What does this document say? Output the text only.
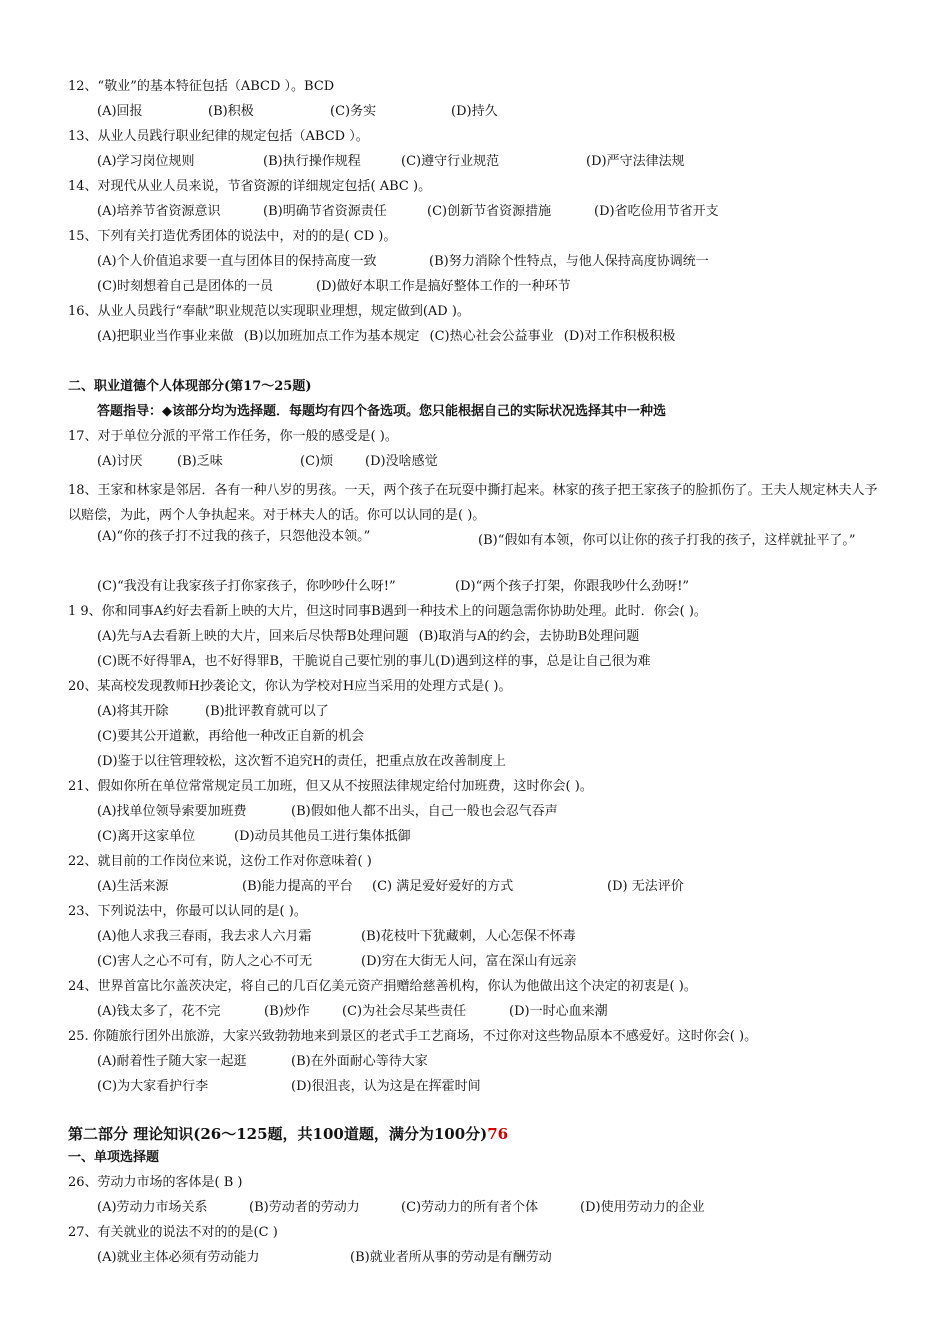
12、“敬业”的基本特征包括（ABCD ）。BCD
(A)回报	(B)积极	(C)务实	(D)持久
13、从业人员践行职业纪律的规定包括（ABCD ）。
(A)学习岗位规则	(B)执行操作规程	(C)遵守行业规范	(D)严守法律法规
14、对现代从业人员来说，节省资源的详细规定包括( ABC )。
(A)培养节省资源意识	(B)明确节省资源责任	(C)创新节省资源措施	(D)省吃俭用节省开支
15、下列有关打造优秀团体的说法中，对的的是( CD )。
(A)个人价值追求要一直与团体目的保持高度一致	(B)努力消除个性特点，与他人保持高度协调统一
(C)时刻想着自己是团体的一员	(D)做好本职工作是搞好整体工作的一种环节
16、从业人员践行“奉献”职业规范以实现职业理想，规定做到(AD )。
(A)把职业当作事业来做 (B)以加班加点工作为基本规定 (C)热心社会公益事业 (D)对工作积极积极
二、职业道德个人体现部分(第17～25题)
答题指导：◆该部分均为选择题．每题均有四个备选项。您只能根据自己的实际状况选择其中一种选
17、对于单位分派的平常工作任务，你一般的感受是( )。
(A)讨厌	(B)乏味	(C)烦 (D)没啥感觉
18、王家和林家是邻居．各有一种八岁的男孩。一天，两个孩子在玩耍中撕打起来。林家的孩子把王家孩子的脸抓伤了。王夫人规定林夫人予以赔偿，为此，两个人争执起来。对于林夫人的话。你可以认同的是( )。
(A)“你的孩子打不过我的孩子，只怨他没本领。”	(B)“假如有本领，你可以让你的孩子打我的孩子，这样就扯平了。”
(C)“我没有让我家孩子打你家孩子，你吵吵什么呀!”	(D)“两个孩子打架，你跟我吵什么劲呀!”
1 9、你和同事A约好去看新上映的大片，但这时同事B遇到一种技术上的问题急需你协助处理。此时．你会( )。
(A)先与A去看新上映的大片，回来后尽快帮B处理问题 (B)取消与A的约会，去协助B处理问题
(C)既不好得罪A，也不好得罪B，干脆说自己要忙别的事儿(D)遇到这样的事，总是让自己很为难
20、某高校发现教师H抄袭论文，你认为学校对H应当采用的处理方式是( )。
(A)将其开除	(B)批评教育就可以了
(C)要其公开道歉，再给他一种改正自新的机会
(D)鉴于以往管理较松，这次暂不追究H的责任，把重点放在改善制度上
21、假如你所在单位常常规定员工加班，但又从不按照法律规定给付加班费，这时你会( )。
(A)找单位领导索要加班费	(B)假如他人都不出头，自己一般也会忍气吞声
(C)离开这家单位	(D)动员其他员工进行集体抵御
22、就目前的工作岗位来说，这份工作对你意味着( )
(A)生活来源	(B)能力提高的平台 (C) 满足爱好爱好的方式	(D) 无法评价
23、下列说法中，你最可以认同的是( )。
(A)他人求我三春雨，我去求人六月霜	(B)花枝叶下犹藏刺，人心怎保不怀毒
(C)害人之心不可有，防人之心不可无	(D)穷在大街无人问，富在深山有远亲
24、世界首富比尔盖茨决定，将自己的几百亿美元资产捐赠给慈善机构，你认为他做出这个决定的初衷是( )。
(A)钱太多了，花不完	(B)炒作 (C)为社会尽某些责任	(D)一时心血来潮
25. 你随旅行团外出旅游，大家兴致勃勃地来到景区的老式手工艺商场，不过你对这些物品原本不感爱好。这时你会( )。
(A)耐着性子随大家一起逛	(B)在外面耐心等待大家
(C)为大家看护行李	(D)很沮丧，认为这是在挥霍时间
第二部分 理论知识(26～125题，共100道题，满分为100分)76
一、单项选择题
26、劳动力市场的客体是( B )
(A)劳动力市场关系	(B)劳动者的劳动力	(C)劳动力的所有者个体	(D)使用劳动力的企业
27、有关就业的说法不对的的是(C )
(A)就业主体必须有劳动能力	(B)就业者所从事的劳动是有酬劳动
